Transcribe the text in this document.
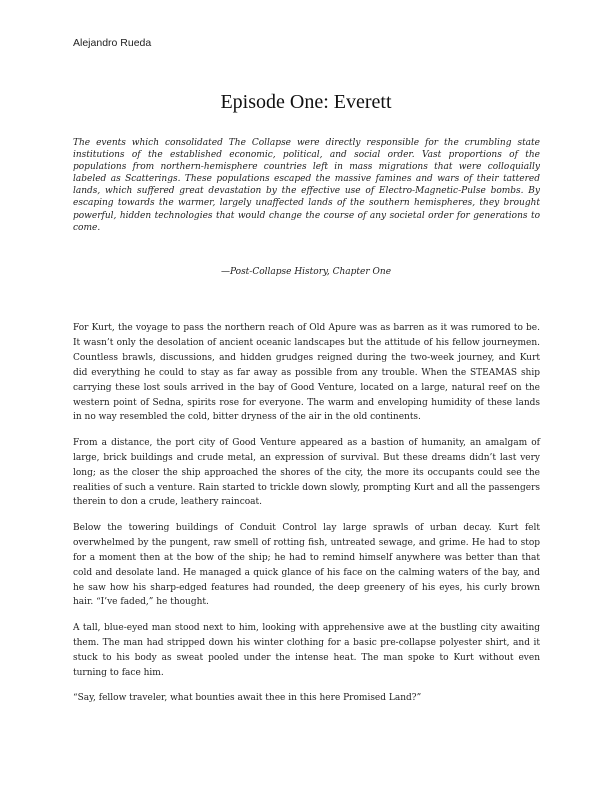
Alejandro Rueda
Episode One: Everett

The events which consolidated The Collapse were directly responsible for the crumbling state institutions of the established economic, political, and social order. Vast proportions of the populations from northern-hemisphere countries left in mass migrations that were colloquially labeled as Scatterings. These populations escaped the massive famines and wars of their tattered lands, which suffered great devastation by the effective use of Electro-Magnetic-Pulse bombs. By escaping towards the warmer, largely unaffected lands of the southern hemispheres, they brought powerful, hidden technologies that would change the course of any societal order for generations to come.

—Post-Collapse History, Chapter One

For Kurt, the voyage to pass the northern reach of Old Apure was as barren as it was rumored to be. It wasn’t only the desolation of ancient oceanic landscapes but the attitude of his fellow journeymen. Countless brawls, discussions, and hidden grudges reigned during the two-week journey, and Kurt did everything he could to stay as far away as possible from any trouble. When the STEAMAS ship carrying these lost souls arrived in the bay of Good Venture, located on a large, natural reef on the western point of Sedna, spirits rose for everyone. The warm and enveloping humidity of these lands in no way resembled the cold, bitter dryness of the air in the old continents.

From a distance, the port city of Good Venture appeared as a bastion of humanity, an amalgam of large, brick buildings and crude metal, an expression of survival. But these dreams didn’t last very long; as the closer the ship approached the shores of the city, the more its occupants could see the realities of such a venture. Rain started to trickle down slowly, prompting Kurt and all the passengers therein to don a crude, leathery raincoat.

Below the towering buildings of Conduit Control lay large sprawls of urban decay. Kurt felt overwhelmed by the pungent, raw smell of rotting fish, untreated sewage, and grime. He had to stop for a moment then at the bow of the ship; he had to remind himself anywhere was better than that cold and desolate land. He managed a quick glance of his face on the calming waters of the bay, and he saw how his sharp-edged features had rounded, the deep greenery of his eyes, his curly brown hair. “I’ve faded,” he thought.

A tall, blue-eyed man stood next to him, looking with apprehensive awe at the bustling city awaiting them. The man had stripped down his winter clothing for a basic pre-collapse polyester shirt, and it stuck to his body as sweat pooled under the intense heat. The man spoke to Kurt without even turning to face him.

“Say, fellow traveler, what bounties await thee in this here Promised Land?”
